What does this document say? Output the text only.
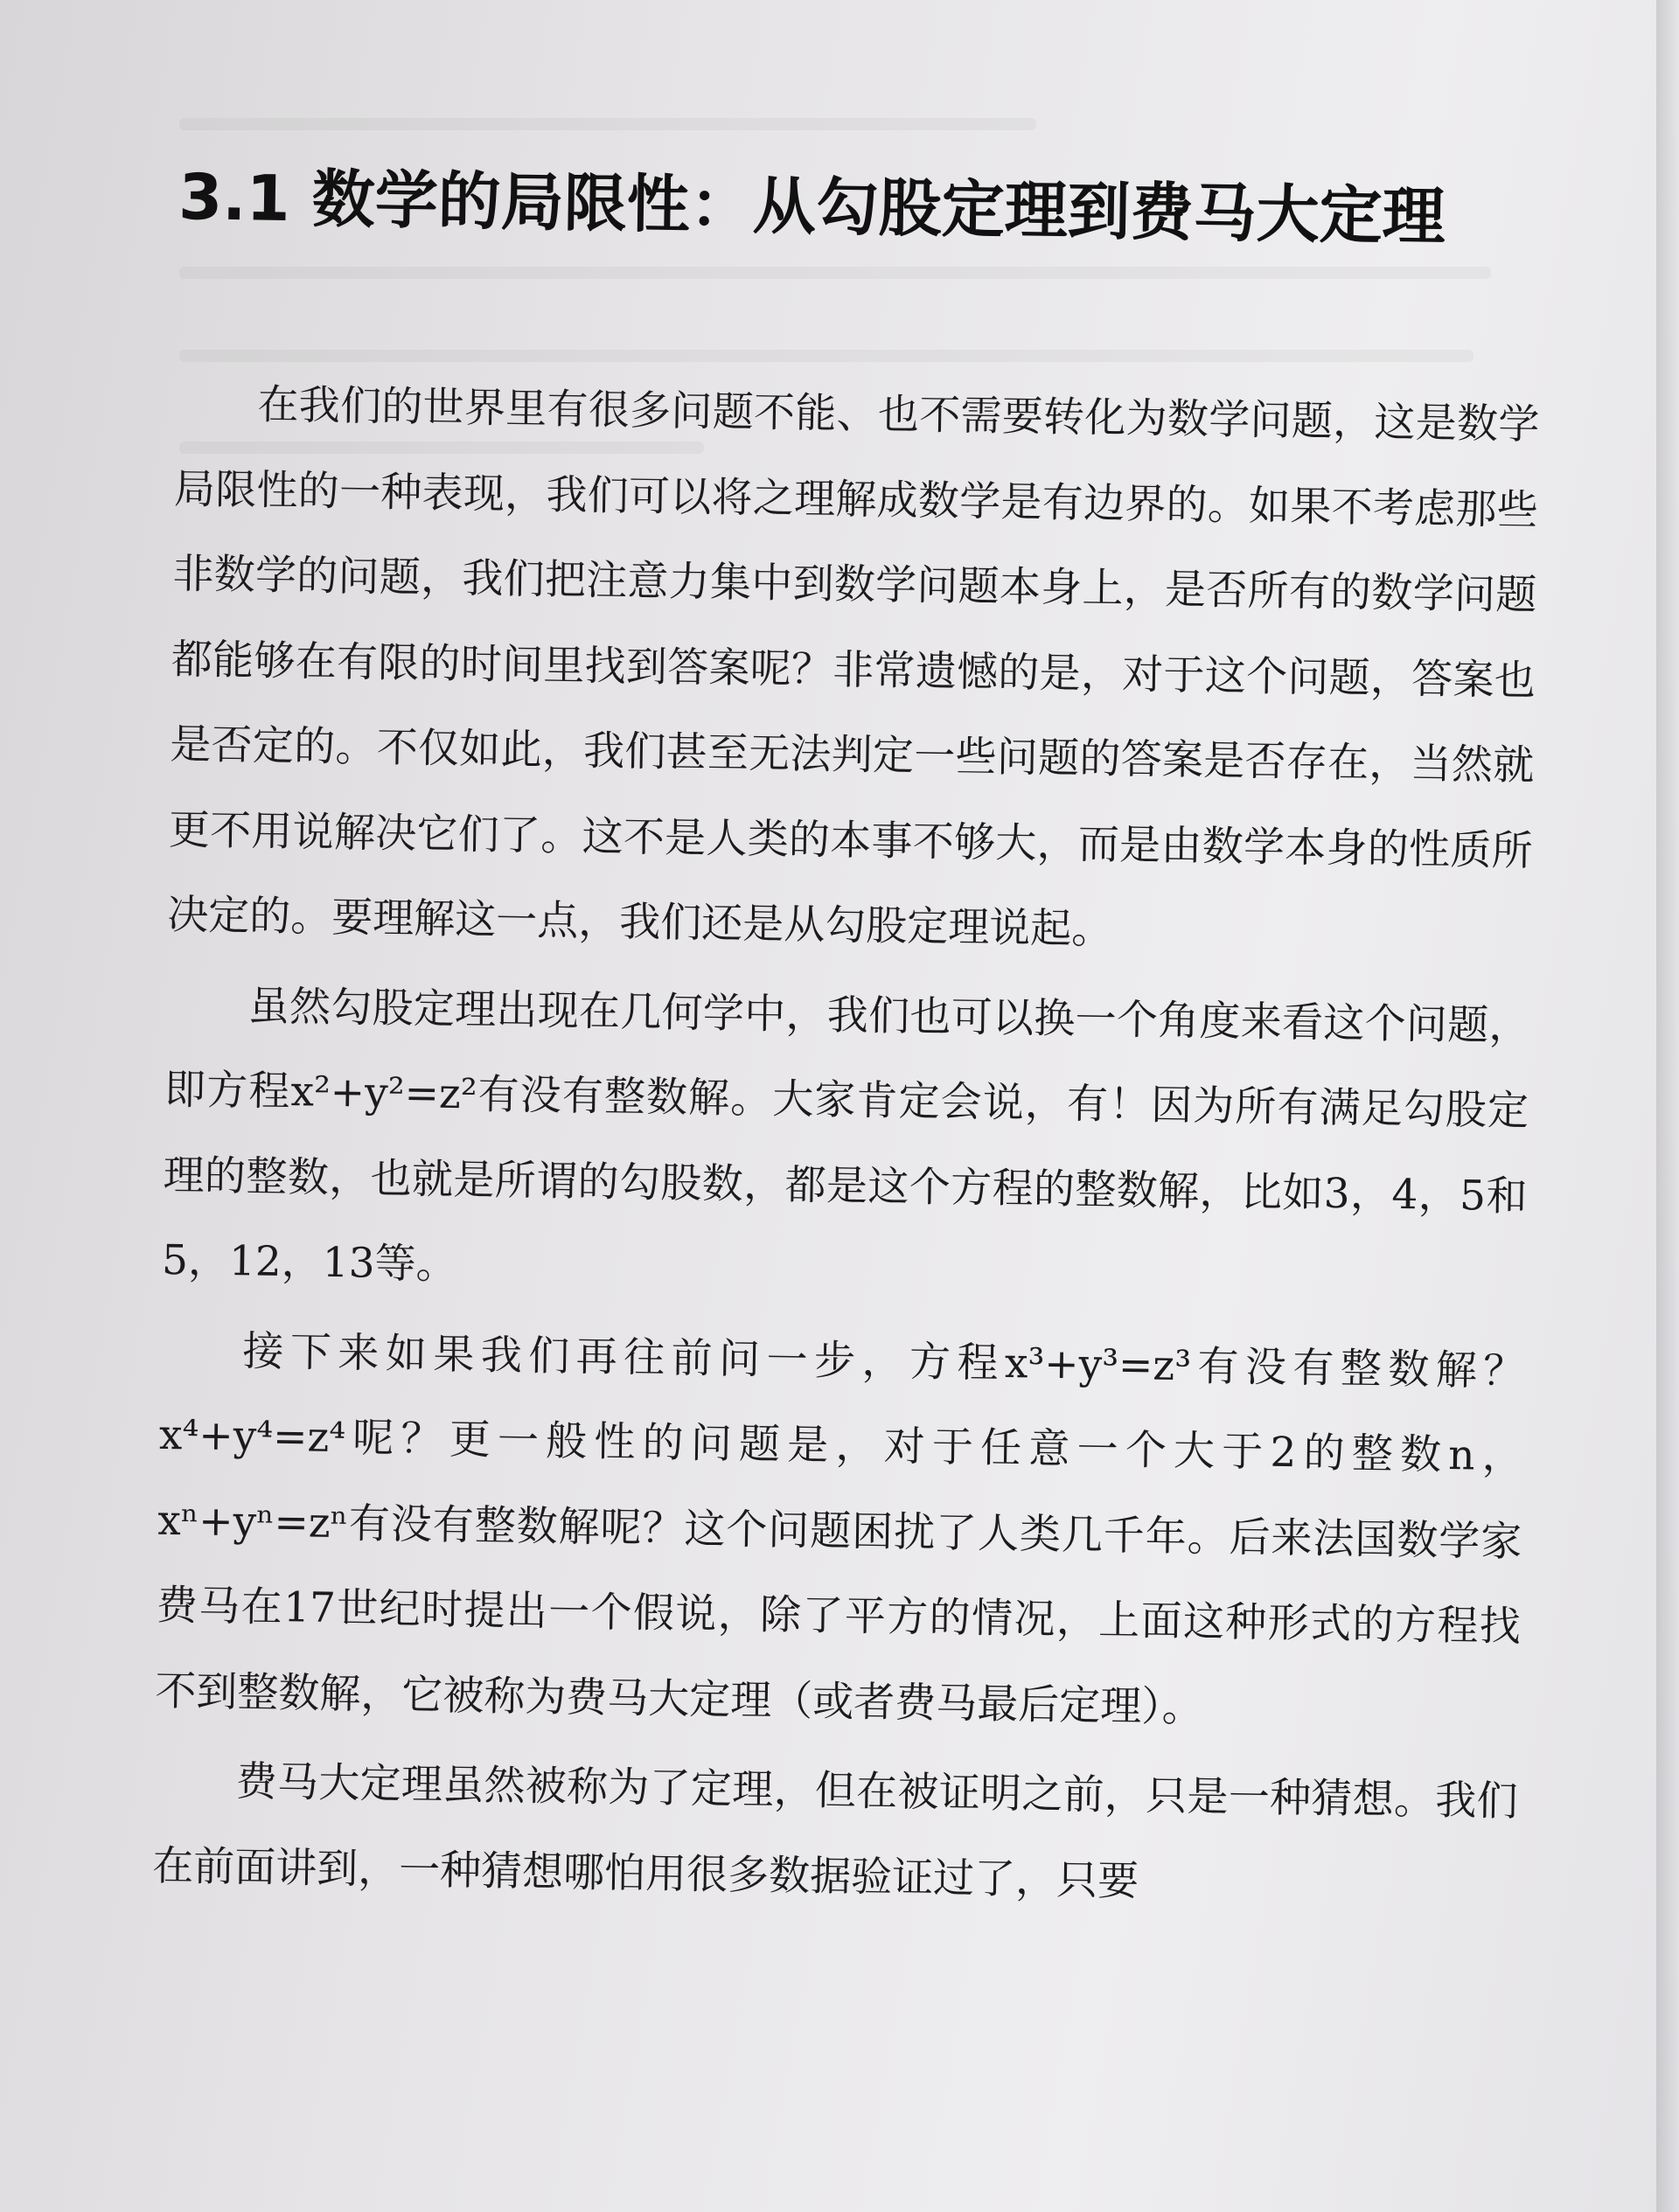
3.1 数学的局限性：从勾股定理到费马大定理

在我们的世界里有很多问题不能、也不需要转化为数学问题，这是数学局限性的一种表现，我们可以将之理解成数学是有边界的。如果不考虑那些非数学的问题，我们把注意力集中到数学问题本身上，是否所有的数学问题都能够在有限的时间里找到答案呢？非常遗憾的是，对于这个问题，答案也是否定的。不仅如此，我们甚至无法判定一些问题的答案是否存在，当然就更不用说解决它们了。这不是人类的本事不够大，而是由数学本身的性质所决定的。要理解这一点，我们还是从勾股定理说起。

虽然勾股定理出现在几何学中，我们也可以换一个角度来看这个问题，即方程x²+y²=z²有没有整数解。大家肯定会说，有！因为所有满足勾股定理的整数，也就是所谓的勾股数，都是这个方程的整数解，比如3，4，5和5，12，13等。

接下来如果我们再往前问一步，方程x³+y³=z³有没有整数解？x⁴+y⁴=z⁴呢？更一般性的问题是，对于任意一个大于2的整数n，xⁿ+yⁿ=zⁿ有没有整数解呢？这个问题困扰了人类几千年。后来法国数学家费马在17世纪时提出一个假说，除了平方的情况，上面这种形式的方程找不到整数解，它被称为费马大定理（或者费马最后定理）。

费马大定理虽然被称为了定理，但在被证明之前，只是一种猜想。我们在前面讲到，一种猜想哪怕用很多数据验证过了，只要
